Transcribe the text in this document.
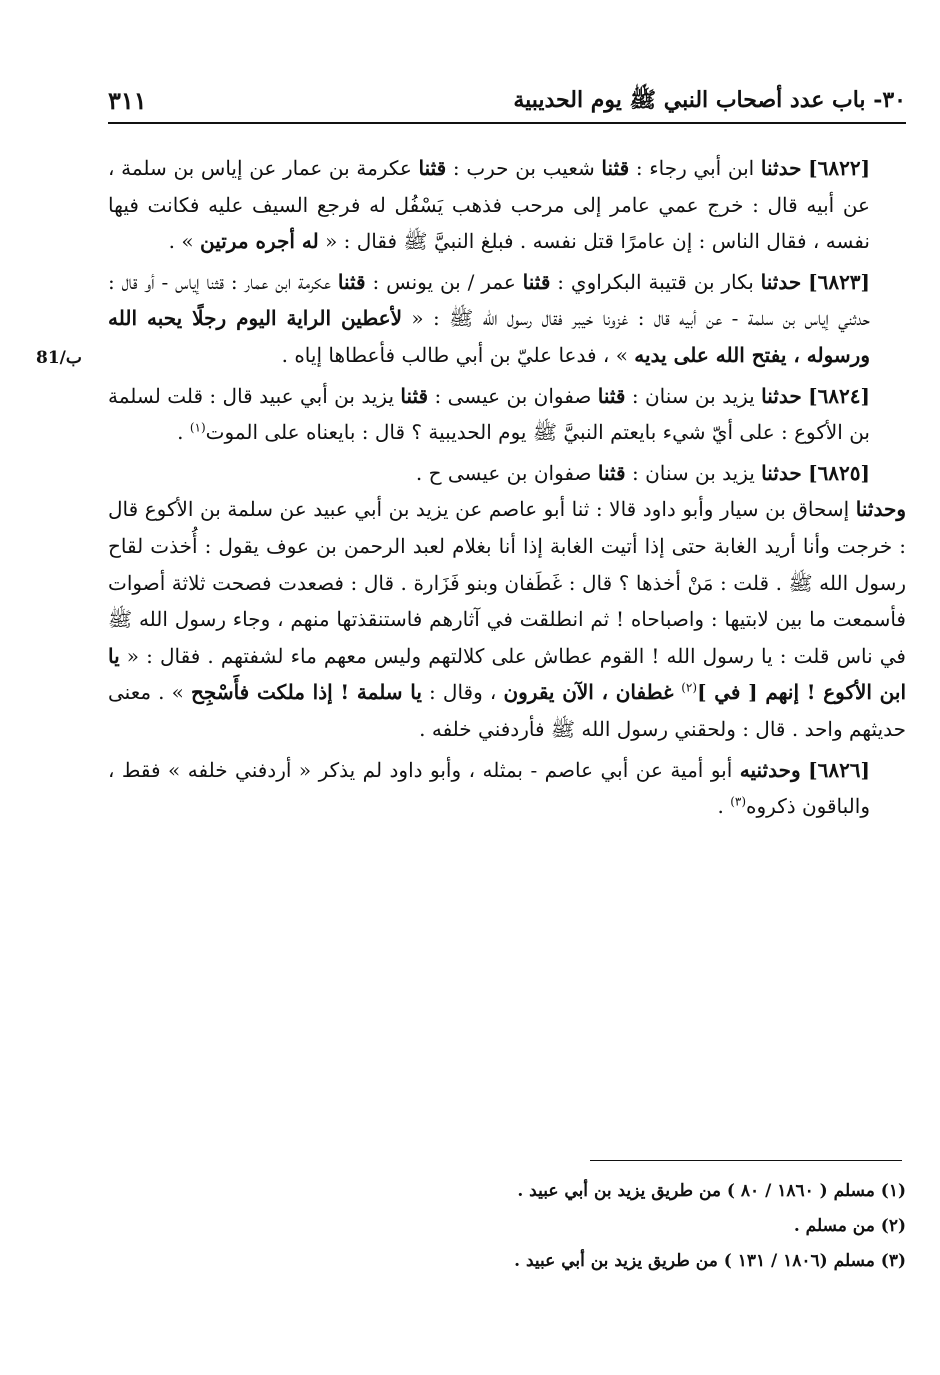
٣٠- باب عدد أصحاب النبي ﷺ يوم الحديبية
٣١١
81/ب

[٦٨٢٢] حدثنا ابن أبي رجاء : قثنا شعيب بن حرب : قثنا عكرمة بن عمار عن إياس بن سلمة ، عن أبيه قال : خرج عمي عامر إلى مرحب فذهب يَسْفُل له فرجع السيف عليه فكانت فيها نفسه ، فقال الناس : إن عامرًا قتل نفسه . فبلغ النبيَّ ﷺ فقال : « له أجره مرتين » .

[٦٨٢٣] حدثنا بكار بن قتيبة البكراوي : قثنا عمر / بن يونس : قثنا عكرمة ابن عمار : قثنا إياس - أو قال : حدثني إياس بن سلمة - عن أبيه قال : غزونا خيبر فقال رسول الله ﷺ : « لأعطين الراية اليوم رجلًا يحبه الله ورسوله ، يفتح الله على يديه » ، فدعا عليّ بن أبي طالب فأعطاها إياه .

[٦٨٢٤] حدثنا يزيد بن سنان : قثنا صفوان بن عيسى : قثنا يزيد بن أبي عبيد قال : قلت لسلمة بن الأكوع : على أيّ شيء بايعتم النبيَّ ﷺ يوم الحديبية ؟ قال : بايعناه على الموت$^{(١)}$ .

[٦٨٢٥] حدثنا يزيد بن سنان : قثنا صفوان بن عيسى ح .

وحدثنا إسحاق بن سيار وأبو داود قالا : ثنا أبو عاصم عن يزيد بن أبي عبيد عن سلمة بن الأكوع قال : خرجت وأنا أريد الغابة حتى إذا أتيت الغابة إذا أنا بغلام لعبد الرحمن بن عوف يقول : أُخذت لقاح رسول الله ﷺ . قلت : مَنْ أخذها ؟ قال : غَطَفان وبنو فَزَارة . قال : فصعدت فصحت ثلاثة أصوات فأسمعت ما بين لابتيها : واصباحاه ! ثم انطلقت في آثارهم فاستنقذتها منهم ، وجاء رسول الله ﷺ في ناس قلت : يا رسول الله ! القوم عطاش على كلالتهم وليس معهم ماء لشفتهم . فقال : « يا ابن الأكوع ! إنهم [ في ]$^{(٢)}$ غطفان ، الآن يقرون ، وقال : يا سلمة ! إذا ملكت فأَسْجِح » . معنى حديثهم واحد . قال : ولحقني رسول الله ﷺ فأردفني خلفه .

[٦٨٢٦] وحدثنيه أبو أمية عن أبي عاصم - بمثله ، وأبو داود لم يذكر « أردفني خلفه » فقط ، والباقون ذكروه$^{(٣)}$ .

(١) مسلم ( ١٨٦٠ / ٨٠ ) من طريق يزيد بن أبي عبيد .
(٢) من مسلم .
(٣) مسلم (١٨٠٦ / ١٣١ ) من طريق يزيد بن أبي عبيد .
